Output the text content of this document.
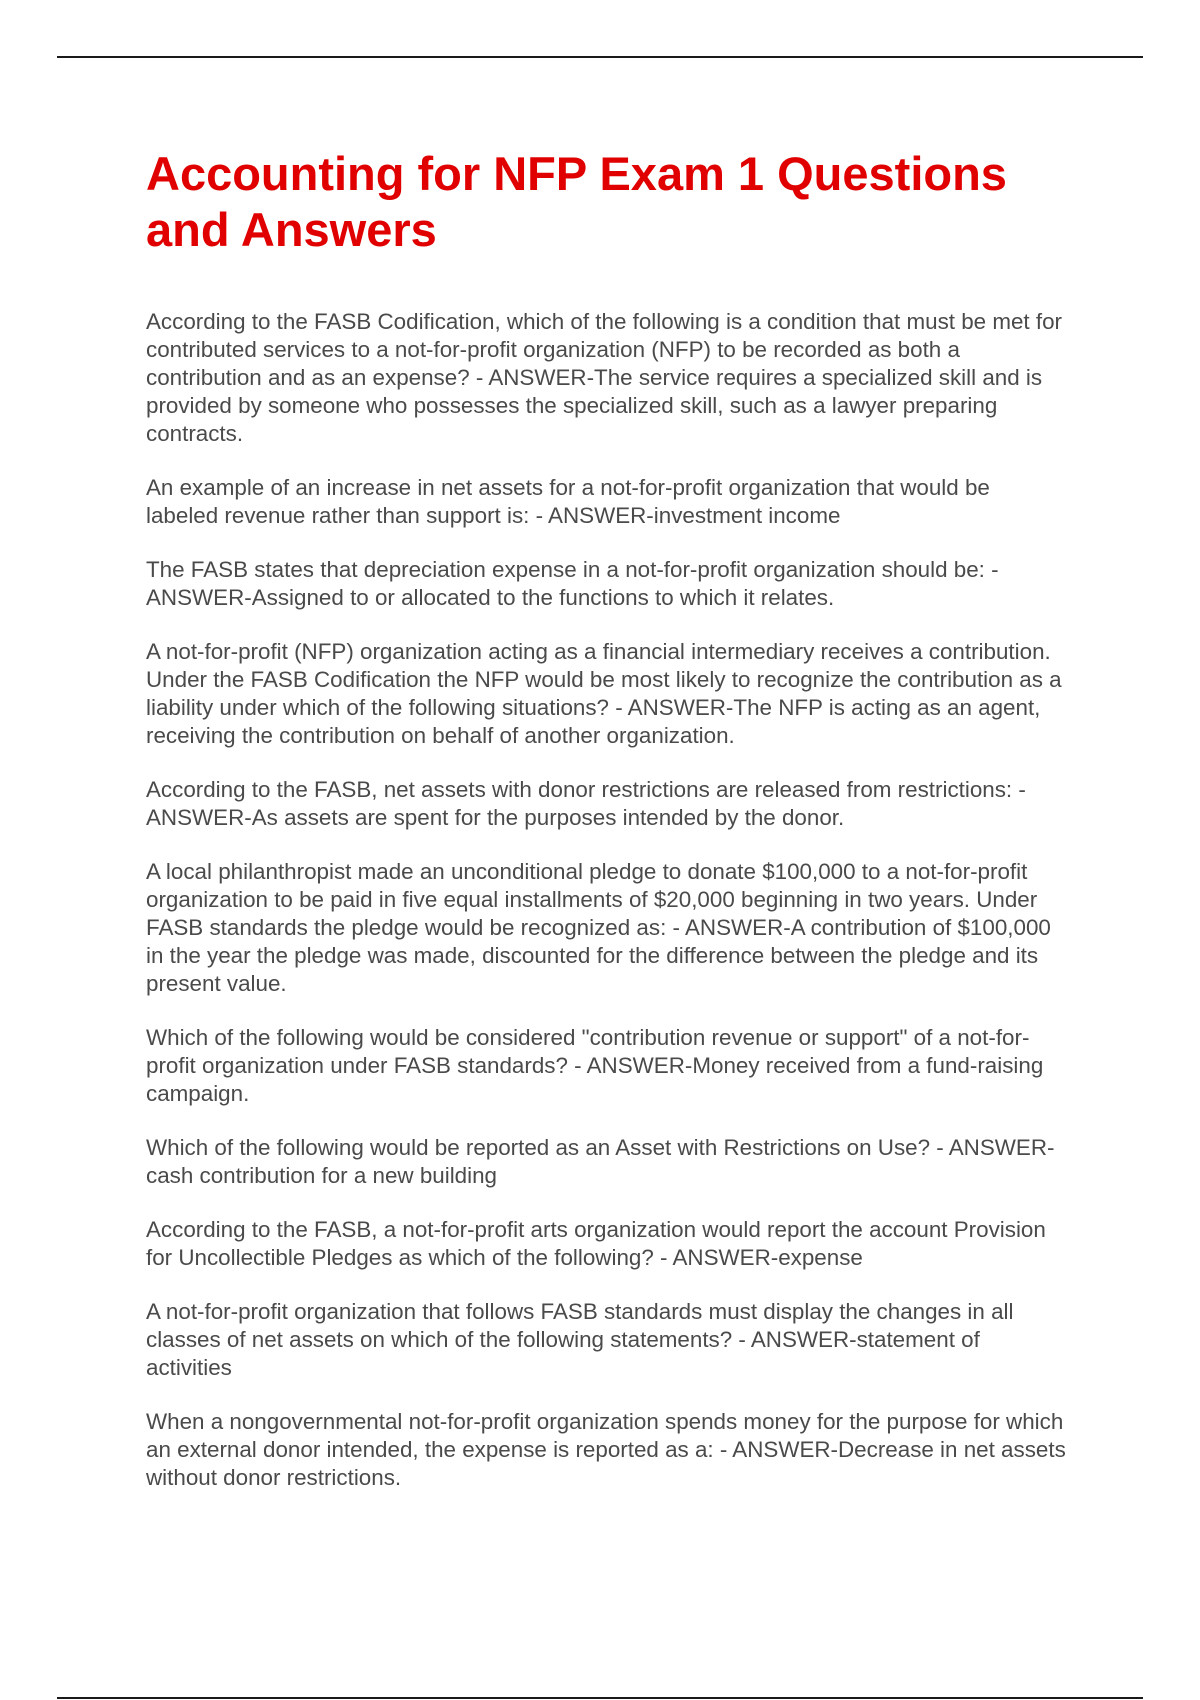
Accounting for NFP Exam 1 Questions and Answers

According to the FASB Codification, which of the following is a condition that must be met for contributed services to a not-for-profit organization (NFP) to be recorded as both a contribution and as an expense? - ANSWER-The service requires a specialized skill and is provided by someone who possesses the specialized skill, such as a lawyer preparing contracts.

An example of an increase in net assets for a not-for-profit organization that would be labeled revenue rather than support is: - ANSWER-investment income

The FASB states that depreciation expense in a not-for-profit organization should be: - ANSWER-Assigned to or allocated to the functions to which it relates.

A not-for-profit (NFP) organization acting as a financial intermediary receives a contribution. Under the FASB Codification the NFP would be most likely to recognize the contribution as a liability under which of the following situations? - ANSWER-The NFP is acting as an agent, receiving the contribution on behalf of another organization.

According to the FASB, net assets with donor restrictions are released from restrictions: - ANSWER-As assets are spent for the purposes intended by the donor.

A local philanthropist made an unconditional pledge to donate $100,000 to a not-for-profit organization to be paid in five equal installments of $20,000 beginning in two years. Under FASB standards the pledge would be recognized as: - ANSWER-A contribution of $100,000 in the year the pledge was made, discounted for the difference between the pledge and its present value.

Which of the following would be considered "contribution revenue or support" of a not-for-profit organization under FASB standards? - ANSWER-Money received from a fund-raising campaign.

Which of the following would be reported as an Asset with Restrictions on Use? - ANSWER-cash contribution for a new building

According to the FASB, a not-for-profit arts organization would report the account Provision for Uncollectible Pledges as which of the following? - ANSWER-expense

A not-for-profit organization that follows FASB standards must display the changes in all classes of net assets on which of the following statements? - ANSWER-statement of activities

When a nongovernmental not-for-profit organization spends money for the purpose for which an external donor intended, the expense is reported as a: - ANSWER-Decrease in net assets without donor restrictions.
